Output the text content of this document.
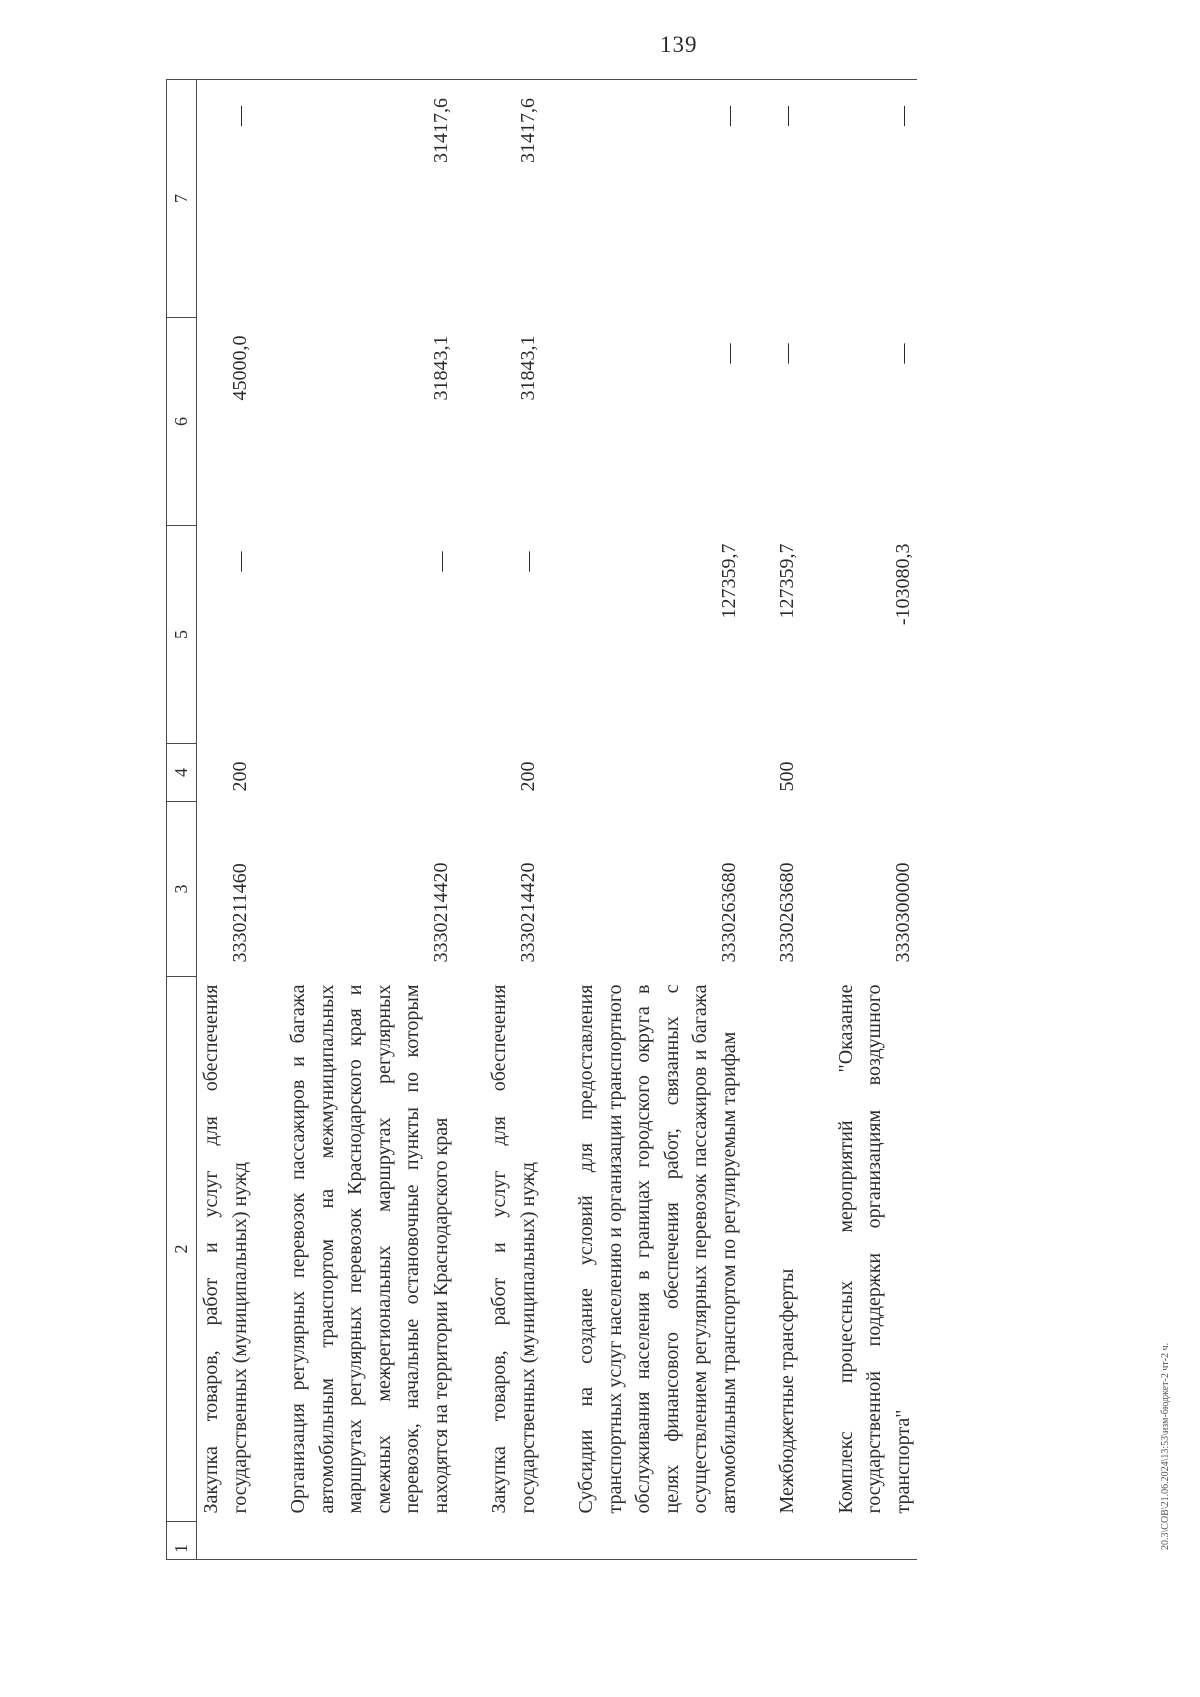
139
20.3\СОВ\21.06.2024\13:53\изм-бюджет-2 чт-2 ч.
1	2	3	4	5	6	7
	Закупка товаров, работ и услуг для обеспечения государственных (муниципальных) нужд	3330211460	200	—	45000,0	—

	Организация регулярных перевозок пассажиров и багажа автомобильным транспортом на межмуниципальных маршрутах регулярных перевозок Краснодарского края и смежных межрегиональных маршрутах регулярных перевозок, начальные остановочные пункты по которым находятся на территории Краснодарского края	3330214420		—	31843,1	31417,6

	Закупка товаров, работ и услуг для обеспечения государственных (муниципальных) нужд	3330214420	200	—	31843,1	31417,6

	Субсидии на создание условий для предоставления транспортных услуг населению и организации транспортного обслуживания населения в границах городского округа в целях финансового обеспечения работ, связанных с осуществлением регулярных перевозок пассажиров и багажа автомобильным транспортом по регулируемым тарифам	3330263680		127359,7	—	—

	Межбюджетные трансферты	3330263680	500	127359,7	—	—

	Комплекс процессных мероприятий "Оказание государственной поддержки организациям воздушного транспорта"	3330300000		-103080,3	—	—
